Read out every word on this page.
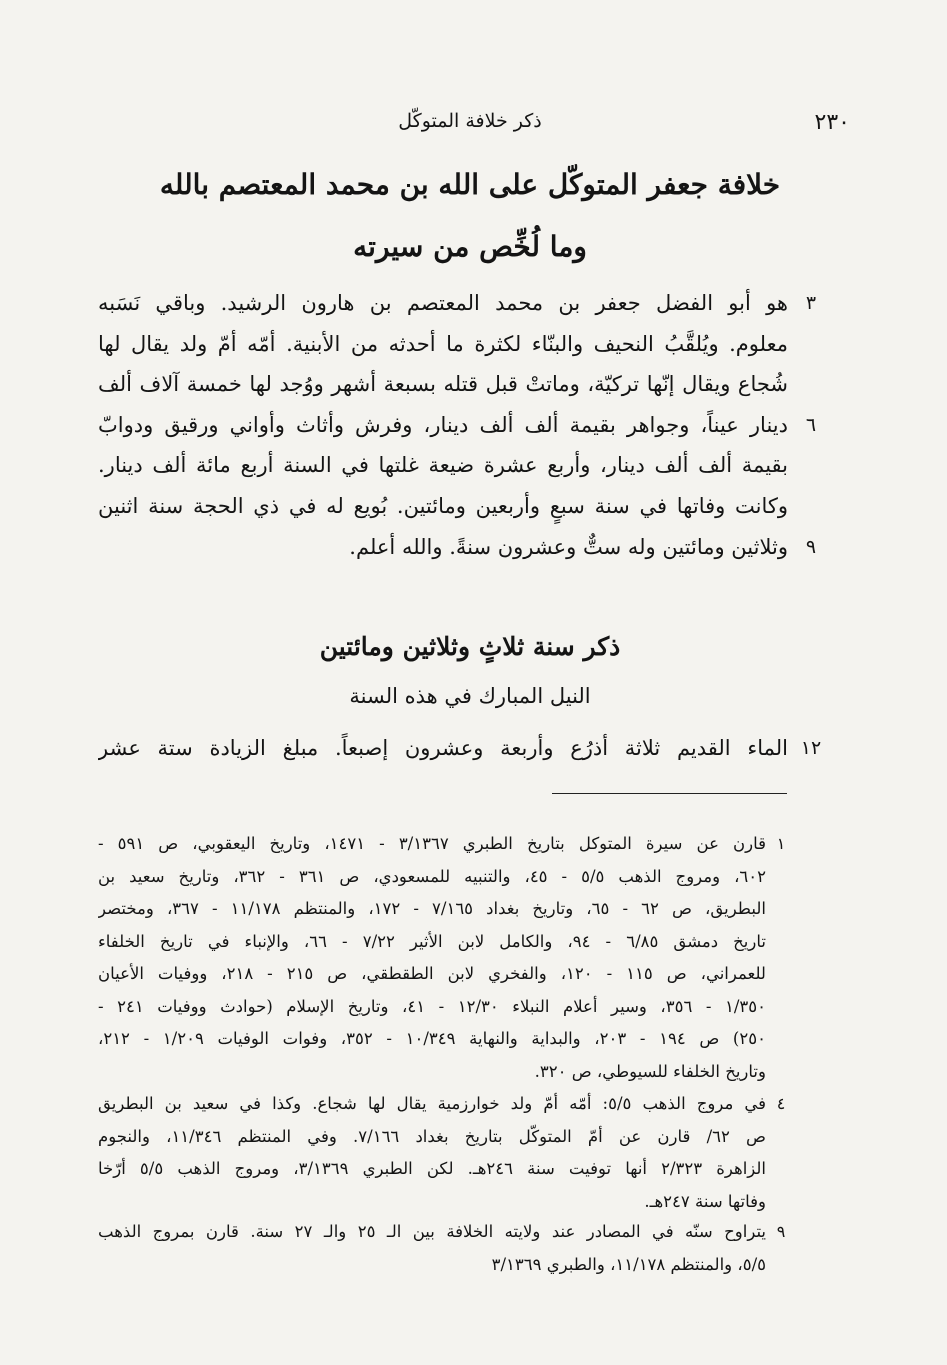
٢٣٠
ذكر خلافة المتوكّل
خلافة جعفر المتوكّل على الله بن محمد المعتصم بالله
وما لُخِّص من سيرته
هو أبو الفضل جعفر بن محمد المعتصم بن هارون الرشيد. وباقي نَسَبه
معلوم. ويُلقَّبُ النحيف والبنّاء لكثرة ما أحدثه من الأبنية. أمّه أمّ ولد يقال لها
شُجاع ويقال إنّها تركيّة، وماتتْ قبل قتله بسبعة أشهر ووُجد لها خمسة آلاف ألف
دينار عيناً، وجواهر بقيمة ألف ألف دينار، وفرش وأثاث وأواني ورقيق ودوابّ
بقيمة ألف ألف دينار، وأربع عشرة ضيعة غلتها في السنة أربع مائة ألف دينار.
وكانت وفاتها في سنة سبعٍ وأربعين ومائتين. بُويع له في ذي الحجة سنة اثنين
وثلاثين ومائتين وله ستٌّ وعشرون سنةً. والله أعلم.
٣
٦
٩
ذكر سنة ثلاثٍ وثلاثين ومائتين
النيل المبارك في هذه السنة
الماء القديم ثلاثة أذرُع وأربعة وعشرون إصبعاً. مبلغ الزيادة ستة عشر ١٢
قارن عن سيرة المتوكل بتاريخ الطبري ٣/١٣٦٧ - ١٤٧١، وتاريخ اليعقوبي، ص ٥٩١ -
٦٠٢، ومروج الذهب ٥/٥ - ٤٥، والتنبيه للمسعودي، ص ٣٦١ - ٣٦٢، وتاريخ سعيد بن
البطريق، ص ٦٢ - ٦٥، وتاريخ بغداد ٧/١٦٥ - ١٧٢، والمنتظم ١١/١٧٨ - ٣٦٧، ومختصر
تاريخ دمشق ٦/٨٥ - ٩٤، والكامل لابن الأثير ٧/٢٢ - ٦٦، والإنباء في تاريخ الخلفاء
للعمراني، ص ١١٥ - ١٢٠، والفخري لابن الطقطقي، ص ٢١٥ - ٢١٨، ووفيات الأعيان
١/٣٥٠ - ٣٥٦، وسير أعلام النبلاء ١٢/٣٠ - ٤١، وتاريخ الإسلام (حوادث ووفيات ٢٤١ -
٢٥٠) ص ١٩٤ - ٢٠٣، والبداية والنهاية ١٠/٣٤٩ - ٣٥٢، وفوات الوفيات ١/٢٠٩ - ٢١٢،
وتاريخ الخلفاء للسيوطي، ص ٣٢٠.
١
في مروج الذهب ٥/٥: أمّه أمّ ولد خوارزمية يقال لها شجاع. وكذا في سعيد بن البطريق
ص ٦٢/ قارن عن أمّ المتوكّل بتاريخ بغداد ٧/١٦٦. وفي المنتظم ١١/٣٤٦، والنجوم
الزاهرة ٢/٣٢٣ أنها توفيت سنة ٢٤٦هـ. لكن الطبري ٣/١٣٦٩، ومروج الذهب ٥/٥ أرّخا
وفاتها سنة ٢٤٧هـ.
٤
يتراوح سنّه في المصادر عند ولايته الخلافة بين الـ ٢٥ والـ ٢٧ سنة. قارن بمروج الذهب
٥/٥، والمنتظم ١١/١٧٨، والطبري ٣/١٣٦٩
٩
